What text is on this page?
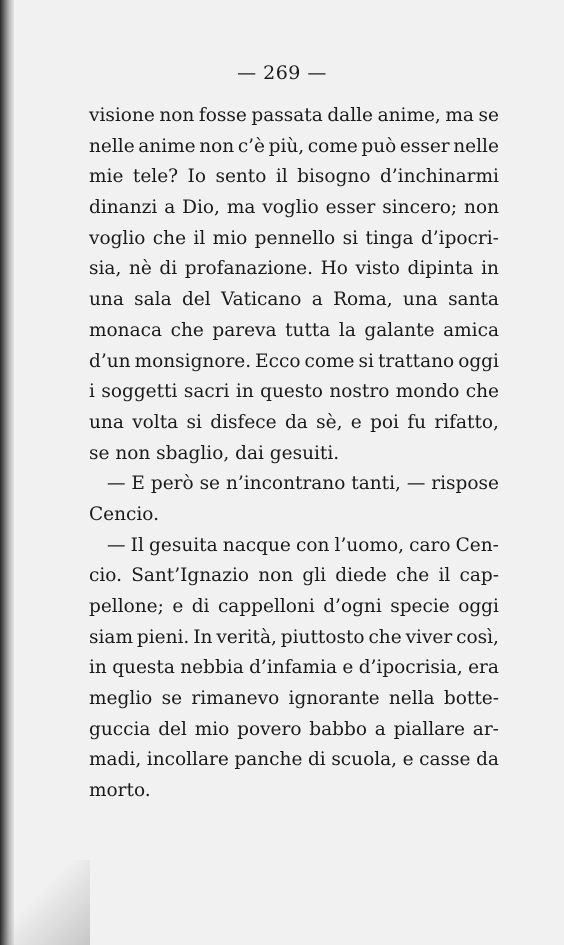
— 269 —
visione non fosse passata dalle anime, ma se
nelle anime non c’è più, come può esser nelle
mie tele? Io sento il bisogno d’inchinarmi
dinanzi a Dio, ma voglio esser sincero; non
voglio che il mio pennello si tinga d’ipocri-
sia, nè di profanazione. Ho visto dipinta in
una sala del Vaticano a Roma, una santa
monaca che pareva tutta la galante amica
d’un monsignore. Ecco come si trattano oggi
i soggetti sacri in questo nostro mondo che
una volta si disfece da sè, e poi fu rifatto,
se non sbaglio, dai gesuiti.
— E però se n’incontrano tanti, — rispose
Cencio.
— Il gesuita nacque con l’uomo, caro Cen-
cio. Sant’Ignazio non gli diede che il cap-
pellone; e di cappelloni d’ogni specie oggi
siam pieni. In verità, piuttosto che viver così,
in questa nebbia d’infamia e d’ipocrisia, era
meglio se rimanevo ignorante nella botte-
guccia del mio povero babbo a piallare ar-
madi, incollare panche di scuola, e casse da
morto.
